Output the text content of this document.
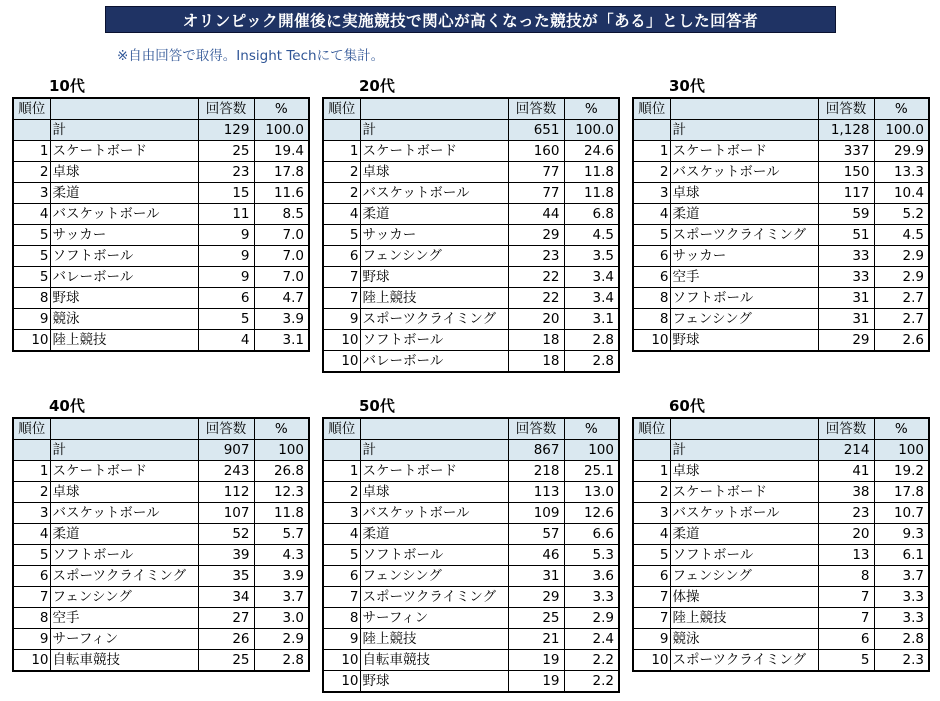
オリンピック開催後に実施競技で関心が高くなった競技が「ある」とした回答者
※自由回答で取得。Insight Techにて集計。
10代
順位		回答数	%
	計	129	100.0
1	スケートボード	25	19.4
2	卓球	23	17.8
3	柔道	15	11.6
4	バスケットボール	11	8.5
5	サッカー	9	7.0
5	ソフトボール	9	7.0
5	バレーボール	9	7.0
8	野球	6	4.7
9	競泳	5	3.9
10	陸上競技	4	3.1
20代
順位		回答数	%
	計	651	100.0
1	スケートボード	160	24.6
2	卓球	77	11.8
2	バスケットボール	77	11.8
4	柔道	44	6.8
5	サッカー	29	4.5
6	フェンシング	23	3.5
7	野球	22	3.4
7	陸上競技	22	3.4
9	スポーツクライミング	20	3.1
10	ソフトボール	18	2.8
10	バレーボール	18	2.8
30代
順位		回答数	%
	計	1,128	100.0
1	スケートボード	337	29.9
2	バスケットボール	150	13.3
3	卓球	117	10.4
4	柔道	59	5.2
5	スポーツクライミング	51	4.5
6	サッカー	33	2.9
6	空手	33	2.9
8	ソフトボール	31	2.7
8	フェンシング	31	2.7
10	野球	29	2.6
40代
順位		回答数	%
	計	907	100
1	スケートボード	243	26.8
2	卓球	112	12.3
3	バスケットボール	107	11.8
4	柔道	52	5.7
5	ソフトボール	39	4.3
6	スポーツクライミング	35	3.9
7	フェンシング	34	3.7
8	空手	27	3.0
9	サーフィン	26	2.9
10	自転車競技	25	2.8
50代
順位		回答数	%
	計	867	100
1	スケートボード	218	25.1
2	卓球	113	13.0
3	バスケットボール	109	12.6
4	柔道	57	6.6
5	ソフトボール	46	5.3
6	フェンシング	31	3.6
7	スポーツクライミング	29	3.3
8	サーフィン	25	2.9
9	陸上競技	21	2.4
10	自転車競技	19	2.2
10	野球	19	2.2
60代
順位		回答数	%
	計	214	100
1	卓球	41	19.2
2	スケートボード	38	17.8
3	バスケットボール	23	10.7
4	柔道	20	9.3
5	ソフトボール	13	6.1
6	フェンシング	8	3.7
7	体操	7	3.3
7	陸上競技	7	3.3
9	競泳	6	2.8
10	スポーツクライミング	5	2.3
